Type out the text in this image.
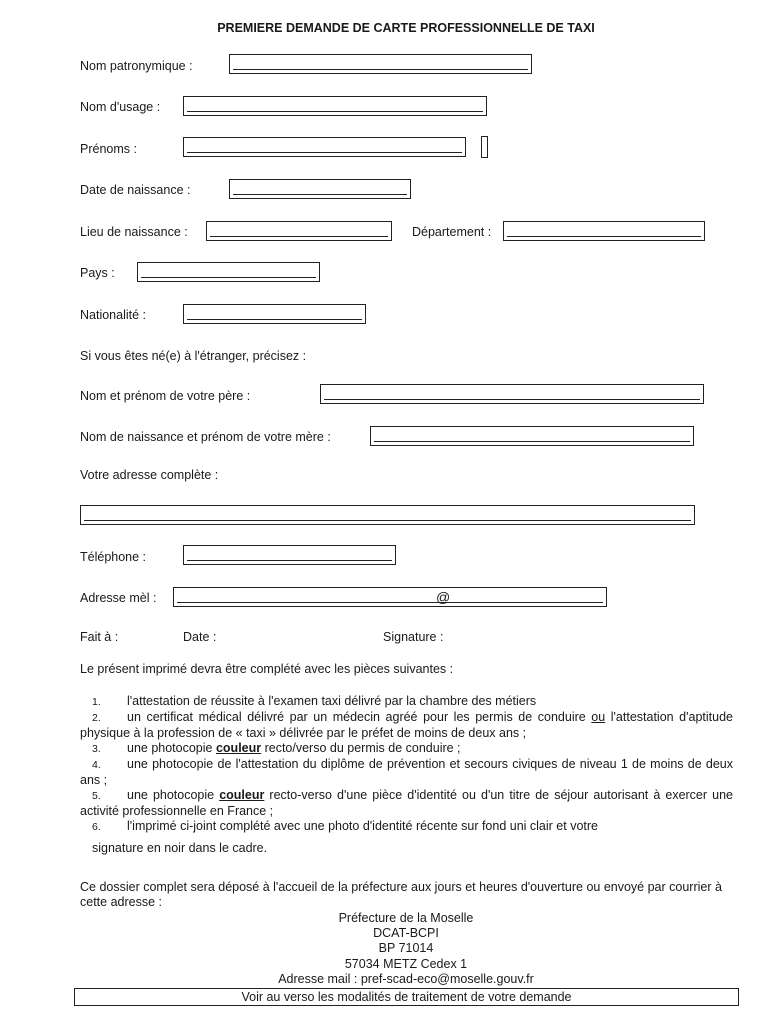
PREMIERE DEMANDE DE CARTE PROFESSIONNELLE DE TAXI
Nom patronymique :
Nom d'usage :
Prénoms :
Date de naissance :
Lieu de naissance :	Département :
Pays :
Nationalité :
Si vous êtes né(e) à l'étranger, précisez :
Nom et prénom de votre père :
Nom de naissance et prénom de votre mère :
Votre adresse complète :
Téléphone :
Adresse mèl :	@
Fait à :	Date :	Signature :
Le présent imprimé devra être complété avec les pièces suivantes :
1. l'attestation de réussite à l'examen taxi délivré par la chambre des métiers
2. un certificat médical délivré par un médecin agréé pour les permis de conduire ou l'attestation d'aptitude physique à la profession de « taxi » délivrée par le préfet de moins de deux ans ;
3. une photocopie couleur recto/verso du permis de conduire ;
4. une photocopie de l'attestation du diplôme de prévention et secours civiques de niveau 1 de moins de deux ans ;
5. une photocopie couleur recto-verso d'une pièce d'identité ou d'un titre de séjour autorisant à exercer une activité professionnelle en France ;
6. l'imprimé ci-joint complété avec une photo d'identité récente sur fond uni clair et votre
signature en noir dans le cadre.
Ce dossier complet sera déposé à l'accueil de la préfecture aux jours et heures d'ouverture ou envoyé par courrier à cette adresse :
Préfecture de la Moselle
DCAT-BCPI
BP 71014
57034 METZ Cedex 1
Adresse mail : pref-scad-eco@moselle.gouv.fr
Voir au verso les modalités de traitement de votre demande
